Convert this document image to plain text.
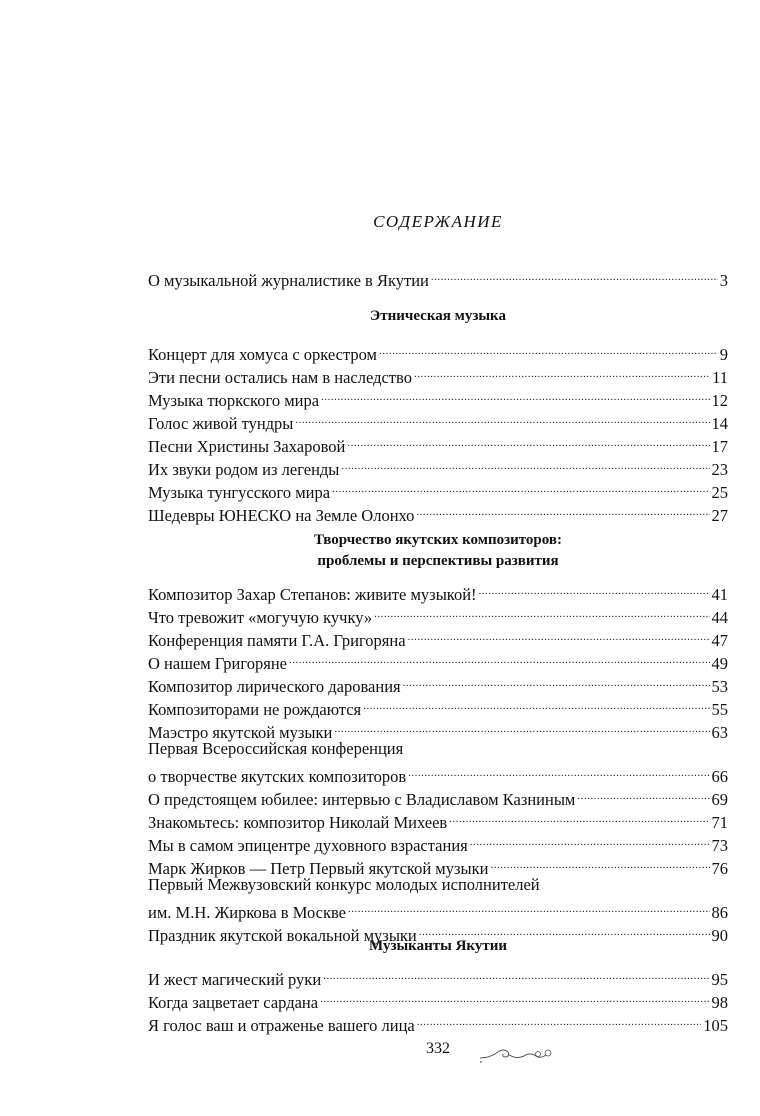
СОДЕРЖАНИЕ
О музыкальной журналистике в Якутии .....	3
Этническая музыка
Концерт для хомуса с оркестром .....	9
Эти песни остались нам в наследство .....	11
Музыка тюркского мира .....	12
Голос живой тундры .....	14
Песни Христины Захаровой .....	17
Их звуки родом из легенды .....	23
Музыка тунгусского мира .....	25
Шедевры ЮНЕСКО на Земле Олонхо .....	27
Творчество якутских композиторов:
проблемы и перспективы развития
Композитор Захар Степанов: живите музыкой! .....	41
Что тревожит «могучую кучку» .....	44
Конференция памяти Г.А. Григоряна .....	47
О нашем Григоряне .....	49
Композитор лирического дарования .....	53
Композиторами не рождаются .....	55
Маэстро якутской музыки .....	63
Первая Всероссийская конференция
о творчестве якутских композиторов .....	66
О предстоящем юбилее: интервью с Владиславом Казниным .....	69
Знакомьтесь: композитор Николай Михеев .....	71
Мы в самом эпицентре духовного взрастания .....	73
Марк Жирков — Петр Первый якутской музыки .....	76
Первый Межвузовский конкурс молодых исполнителей
им. М.Н. Жиркова в Москве .....	86
Праздник якутской вокальной музыки .....	90
Музыканты Якутии
И жест магический руки .....	95
Когда зацветает сардана .....	98
Я голос ваш и отраженье вашего лица .....	105
332
